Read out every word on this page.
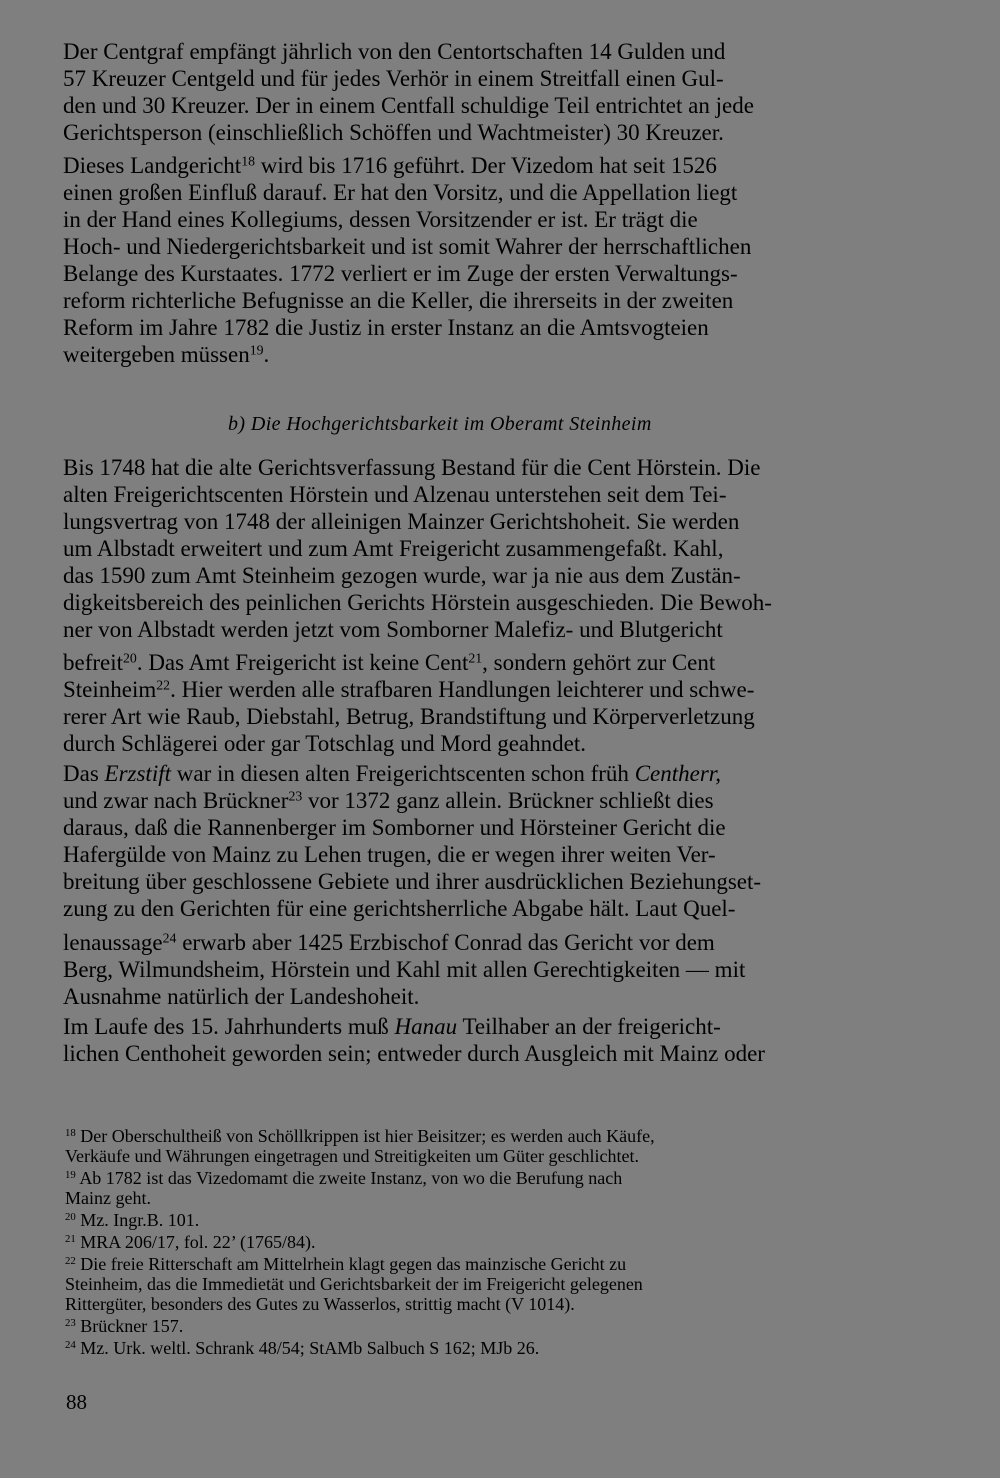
Der Centgraf empfängt jährlich von den Centortschaften 14 Gulden und

57 Kreuzer Centgeld und für jedes Verhör in einem Streitfall einen Gul-

den und 30 Kreuzer. Der in einem Centfall schuldige Teil entrichtet an jede

Gerichtsperson (einschließlich Schöffen und Wachtmeister) 30 Kreuzer.

Dieses Landgericht$^{18}$ wird bis 1716 geführt. Der Vizedom hat seit 1526

einen großen Einfluß darauf. Er hat den Vorsitz, und die Appellation liegt

in der Hand eines Kollegiums, dessen Vorsitzender er ist. Er trägt die

Hoch- und Niedergerichtsbarkeit und ist somit Wahrer der herrschaftlichen

Belange des Kurstaates. 1772 verliert er im Zuge der ersten Verwaltungs-

reform richterliche Befugnisse an die Keller, die ihrerseits in der zweiten

Reform im Jahre 1782 die Justiz in erster Instanz an die Amtsvogteien

weitergeben müssen$^{19}$.

b) Die Hochgerichtsbarkeit im Oberamt Steinheim

Bis 1748 hat die alte Gerichtsverfassung Bestand für die Cent Hörstein. Die

alten Freigerichtscenten Hörstein und Alzenau unterstehen seit dem Tei-

lungsvertrag von 1748 der alleinigen Mainzer Gerichtshoheit. Sie werden

um Albstadt erweitert und zum Amt Freigericht zusammengefaßt. Kahl,

das 1590 zum Amt Steinheim gezogen wurde, war ja nie aus dem Zustän-

digkeitsbereich des peinlichen Gerichts Hörstein ausgeschieden. Die Bewoh-

ner von Albstadt werden jetzt vom Somborner Malefiz- und Blutgericht

befreit$^{20}$. Das Amt Freigericht ist keine Cent$^{21}$, sondern gehört zur Cent

Steinheim$^{22}$. Hier werden alle strafbaren Handlungen leichterer und schwe-

rerer Art wie Raub, Diebstahl, Betrug, Brandstiftung und Körperverletzung

durch Schlägerei oder gar Totschlag und Mord geahndet.

Das Erzstift war in diesen alten Freigerichtscenten schon früh Centherr,

und zwar nach Brückner$^{23}$ vor 1372 ganz allein. Brückner schließt dies

daraus, daß die Rannenberger im Somborner und Hörsteiner Gericht die

Hafergülde von Mainz zu Lehen trugen, die er wegen ihrer weiten Ver-

breitung über geschlossene Gebiete und ihrer ausdrücklichen Beziehungset-

zung zu den Gerichten für eine gerichtsherrliche Abgabe hält. Laut Quel-

lenaussage$^{24}$ erwarb aber 1425 Erzbischof Conrad das Gericht vor dem

Berg, Wilmundsheim, Hörstein und Kahl mit allen Gerechtigkeiten — mit

Ausnahme natürlich der Landeshoheit.

Im Laufe des 15. Jahrhunderts muß Hanau Teilhaber an der freigericht-

lichen Centhoheit geworden sein; entweder durch Ausgleich mit Mainz oder

$^{18}$ Der Oberschultheiß von Schöllkrippen ist hier Beisitzer; es werden auch Käufe,

Verkäufe und Währungen eingetragen und Streitigkeiten um Güter geschlichtet.

$^{19}$ Ab 1782 ist das Vizedomamt die zweite Instanz, von wo die Berufung nach

Mainz geht.

$^{20}$ Mz. Ingr.B. 101.

$^{21}$ MRA 206/17, fol. 22’ (1765/84).

$^{22}$ Die freie Ritterschaft am Mittelrhein klagt gegen das mainzische Gericht zu

Steinheim, das die Immedietät und Gerichtsbarkeit der im Freigericht gelegenen

Rittergüter, besonders des Gutes zu Wasserlos, strittig macht (V 1014).

$^{23}$ Brückner 157.

$^{24}$ Mz. Urk. weltl. Schrank 48/54; StAMb Salbuch S 162; MJb 26.

88
